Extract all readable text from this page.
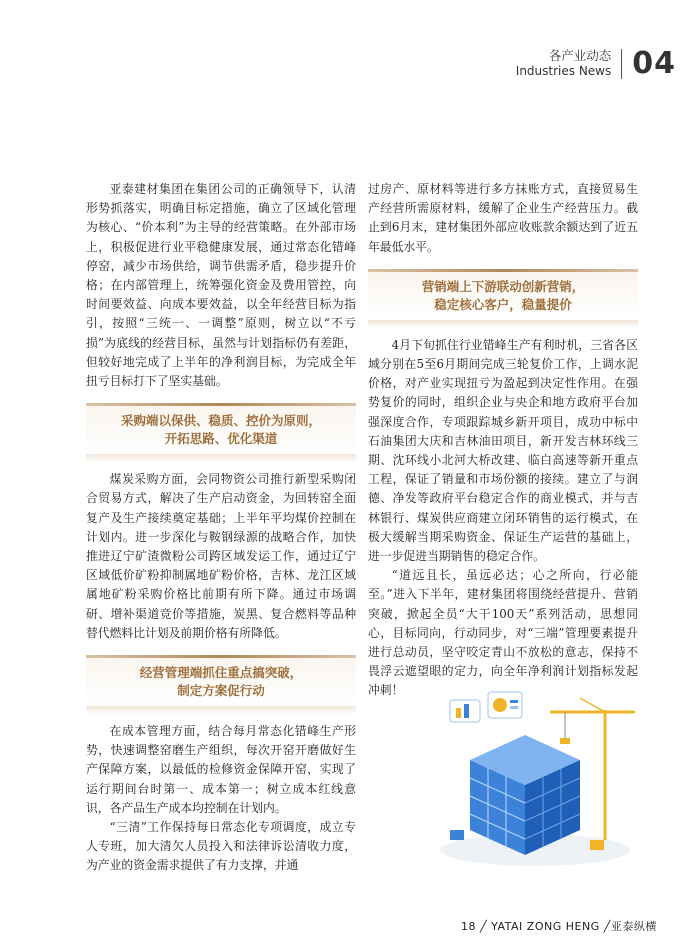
各产业动态
Industries News 04

亚泰建材集团在集团公司的正确领导下，认清形势抓落实，明确目标定措施，确立了区域化管理为核心、“价本利”为主导的经营策略。在外部市场上，积极促进行业平稳健康发展，通过常态化错峰停窑，减少市场供给，调节供需矛盾，稳步提升价格；在内部管理上，统筹强化资金及费用管控，向时间要效益、向成本要效益，以全年经营目标为指引，按照“三统一、一调整”原则，树立以“不亏损”为底线的经营目标，虽然与计划指标仍有差距，但较好地完成了上半年的净利润目标，为完成全年扭亏目标打下了坚实基础。

采购端以保供、稳质、控价为原则，
开拓思路、优化渠道

煤炭采购方面，会同物资公司推行新型采购闭合贸易方式，解决了生产启动资金，为回转窑全面复产及生产接续奠定基础；上半年平均煤价控制在计划内。进一步深化与鞍钢绿源的战略合作，加快推进辽宁矿渣微粉公司跨区域发运工作，通过辽宁区域低价矿粉抑制属地矿粉价格，吉林、龙江区域属地矿粉采购价格比前期有所下降。通过市场调研、增补渠道竞价等措施，炭黑、复合燃料等品种替代燃料比计划及前期价格有所降低。

经营管理端抓住重点搞突破，
制定方案促行动

在成本管理方面，结合每月常态化错峰生产形势，快速调整窑磨生产组织，每次开窑开磨做好生产保障方案，以最低的检修资金保障开窑，实现了运行期间台时第一、成本第一；树立成本红线意识，各产品生产成本均控制在计划内。

“三清”工作保持每日常态化专项调度，成立专人专班，加大清欠人员投入和法律诉讼清收力度，为产业的资金需求提供了有力支撑，并通

过房产、原材料等进行多方抹账方式，直接贸易生产经营所需原材料，缓解了企业生产经营压力。截止到6月末，建材集团外部应收账款余额达到了近五年最低水平。

营销端上下游联动创新营销，
稳定核心客户，稳量提价

4月下旬抓住行业错峰生产有利时机，三省各区域分别在5至6月期间完成三轮复价工作，上调水泥价格，对产业实现扭亏为盈起到决定性作用。在强势复价的同时，组织企业与央企和地方政府平台加强深度合作，专项跟踪城乡新开项目，成功中标中石油集团大庆和吉林油田项目，新开发吉林环线三期、沈环线小北河大桥改建、临白高速等新开重点工程，保证了销量和市场份额的接续。建立了与润德、净发等政府平台稳定合作的商业模式，并与吉林银行、煤炭供应商建立闭环销售的运行模式，在极大缓解当期采购资金、保证生产运营的基础上，进一步促进当期销售的稳定合作。

“道远且长，虽远必达；心之所向，行必能至。”进入下半年，建材集团将围绕经营提升、营销突破，掀起全员“大干100天”系列活动，思想同心，目标同向，行动同步，对“三端”管理要素提升进行总动员，坚守咬定青山不放松的意志，保持不畏浮云遮望眼的定力，向全年净利润计划指标发起冲刺！

18 ╱ YATAI ZONG HENG ╱亚泰纵横
